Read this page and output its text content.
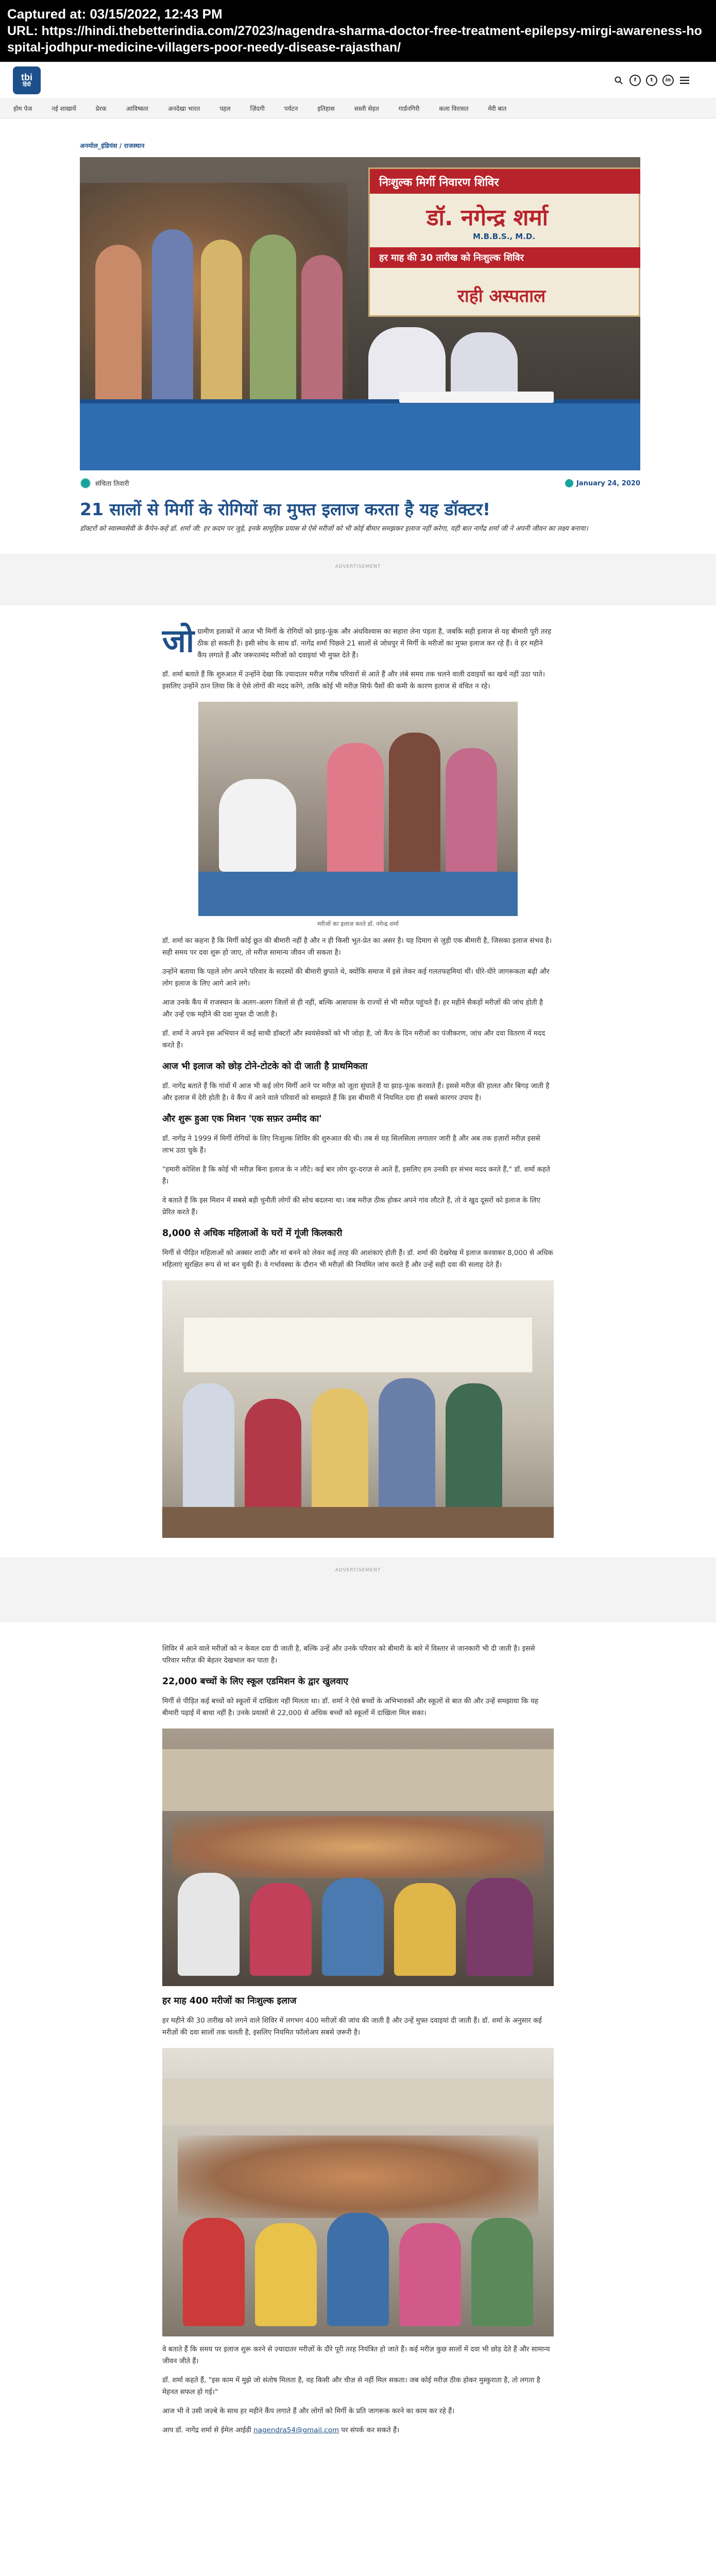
Captured at: 03/15/2022, 12:43 PM
URL: https://hindi.thebetterindia.com/27023/nagendra-sharma-doctor-free-treatment-epilepsy-mirgi-awareness-hospital-jodhpur-medicine-villagers-poor-needy-disease-rajasthan/
tbi
हिंदी
f	t	in
होम पेज	नई शाखायें	प्रेरक	आविष्कार	अनदेखा भारत	पहल	ज़िंदगी	पर्यटन	इतिहास	सस्ती सेहत	गार्डनगिरी	कला विरासत	मेरी बात
अनमोल_इंडियंस / राजस्थान
निःशुल्क मिर्गी निवारण शिविर
डॉ. नगेन्द्र शर्मा
M.B.B.S., M.D.
हर माह की 30 तारीख को निःशुल्क शिविर
राही अस्पताल
संचिता तिवारी	January 24, 2020
21 सालों से मिर्गी के रोगियों का मुफ्त इलाज करता है यह डॉक्टर!
डॉक्टरों को स्वास्थ्यसेवी के कैंपेन-कहें डॉ. शर्मा जी: हर कदम पर जुड़े, इनके सामूहिक प्रयास से ऐसे मरीजों को भी कोई बीमार समझकर इलाज नहीं करेगा, यही बात नागेंद्र शर्मा जी ने अपनी जीवन का लक्ष्य बनाया।
ADVERTISEMENT

जोग्रामीण इलाकों में आज भी मिर्गी के रोगियों को झाड़-फूंक और अंधविश्वास का सहारा लेना पड़ता है, जबकि सही इलाज से यह बीमारी पूरी तरह ठीक हो सकती है। इसी सोच के साथ डॉ. नागेंद्र शर्मा पिछले 21 सालों से जोधपुर में मिर्गी के मरीजों का मुफ्त इलाज कर रहे हैं। वे हर महीने कैंप लगाते हैं और जरूरतमंद मरीजों को दवाइयां भी मुफ्त देते हैं।

डॉ. शर्मा बताते हैं कि शुरुआत में उन्होंने देखा कि ज़्यादातर मरीज़ गरीब परिवारों से आते हैं और लंबे समय तक चलने वाली दवाइयों का खर्च नहीं उठा पाते। इसलिए उन्होंने ठान लिया कि वे ऐसे लोगों की मदद करेंगे, ताकि कोई भी मरीज़ सिर्फ पैसों की कमी के कारण इलाज से वंचित न रहे।

मरीजों का इलाज करते डॉ. नगेन्द्र शर्मा

डॉ. शर्मा का कहना है कि मिर्गी कोई छूत की बीमारी नहीं है और न ही किसी भूत-प्रेत का असर है। यह दिमाग से जुड़ी एक बीमारी है, जिसका इलाज संभव है। सही समय पर दवा शुरू हो जाए, तो मरीज़ सामान्य जीवन जी सकता है।

उन्होंने बताया कि पहले लोग अपने परिवार के सदस्यों की बीमारी छुपाते थे, क्योंकि समाज में इसे लेकर कई गलतफहमियां थीं। धीरे-धीरे जागरूकता बढ़ी और लोग इलाज के लिए आगे आने लगे।

आज उनके कैंप में राजस्थान के अलग-अलग जिलों से ही नहीं, बल्कि आसपास के राज्यों से भी मरीज़ पहुंचते हैं। हर महीने सैकड़ों मरीज़ों की जांच होती है और उन्हें एक महीने की दवा मुफ्त दी जाती है।

डॉ. शर्मा ने अपने इस अभियान में कई साथी डॉक्टरों और स्वयंसेवकों को भी जोड़ा है, जो कैंप के दिन मरीजों का पंजीकरण, जांच और दवा वितरण में मदद करते हैं।

आज भी इलाज को छोड़ टोने-टोटके को दी जाती है प्राथमिकता

डॉ. नागेंद्र बताते हैं कि गांवों में आज भी कई लोग मिर्गी आने पर मरीज़ को जूता सुंघाते हैं या झाड़-फूंक करवाते हैं। इससे मरीज़ की हालत और बिगड़ जाती है और इलाज में देरी होती है। वे कैंप में आने वाले परिवारों को समझाते हैं कि इस बीमारी में नियमित दवा ही सबसे कारगर उपाय है।

और शुरू हुआ एक मिशन 'एक सफ़र उम्मीद का'

डॉ. नागेंद्र ने 1999 में मिर्गी रोगियों के लिए निःशुल्क शिविर की शुरुआत की थी। तब से यह सिलसिला लगातार जारी है और अब तक हज़ारों मरीज़ इससे लाभ उठा चुके हैं।

"हमारी कोशिश है कि कोई भी मरीज़ बिना इलाज के न लौटे। कई बार लोग दूर-दराज़ से आते हैं, इसलिए हम उनकी हर संभव मदद करते हैं," डॉ. शर्मा कहते हैं।

वे बताते हैं कि इस मिशन में सबसे बड़ी चुनौती लोगों की सोच बदलना था। जब मरीज़ ठीक होकर अपने गांव लौटते हैं, तो वे खुद दूसरों को इलाज के लिए प्रेरित करते हैं।

8,000 से अधिक महिलाओं के घरों में गूंजी किलकारी

मिर्गी से पीड़ित महिलाओं को अक्सर शादी और मां बनने को लेकर कई तरह की आशंकाएं होती हैं। डॉ. शर्मा की देखरेख में इलाज करवाकर 8,000 से अधिक महिलाएं सुरक्षित रूप से मां बन चुकी हैं। वे गर्भावस्था के दौरान भी मरीज़ों की नियमित जांच करते हैं और उन्हें सही दवा की सलाह देते हैं।

ADVERTISEMENT

शिविर में आने वाले मरीज़ों को न केवल दवा दी जाती है, बल्कि उन्हें और उनके परिवार को बीमारी के बारे में विस्तार से जानकारी भी दी जाती है। इससे परिवार मरीज़ की बेहतर देखभाल कर पाता है।

22,000 बच्चों के लिए स्कूल एडमिशन के द्वार खुलवाए

मिर्गी से पीड़ित कई बच्चों को स्कूलों में दाखिला नहीं मिलता था। डॉ. शर्मा ने ऐसे बच्चों के अभिभावकों और स्कूलों से बात की और उन्हें समझाया कि यह बीमारी पढ़ाई में बाधा नहीं है। उनके प्रयासों से 22,000 से अधिक बच्चों को स्कूलों में दाखिला मिल सका।

हर माह 400 मरीजों का निःशुल्क इलाज

हर महीने की 30 तारीख को लगने वाले शिविर में लगभग 400 मरीज़ों की जांच की जाती है और उन्हें मुफ्त दवाइयां दी जाती हैं। डॉ. शर्मा के अनुसार कई मरीज़ों की दवा सालों तक चलती है, इसलिए नियमित फॉलोअप सबसे ज़रूरी है।

वे बताते हैं कि समय पर इलाज शुरू करने से ज़्यादातर मरीज़ों के दौरे पूरी तरह नियंत्रित हो जाते हैं। कई मरीज़ कुछ सालों में दवा भी छोड़ देते हैं और सामान्य जीवन जीते हैं।

डॉ. शर्मा कहते हैं, "इस काम में मुझे जो संतोष मिलता है, वह किसी और चीज़ से नहीं मिल सकता। जब कोई मरीज़ ठीक होकर मुस्कुराता है, तो लगता है मेहनत सफल हो गई।"

आज भी वे उसी जज़्बे के साथ हर महीने कैंप लगाते हैं और लोगों को मिर्गी के प्रति जागरूक करने का काम कर रहे हैं।

आप डॉ. नागेंद्र शर्मा से ईमेल आईडी nagendra54@gmail.com पर संपर्क कर सकते हैं।
